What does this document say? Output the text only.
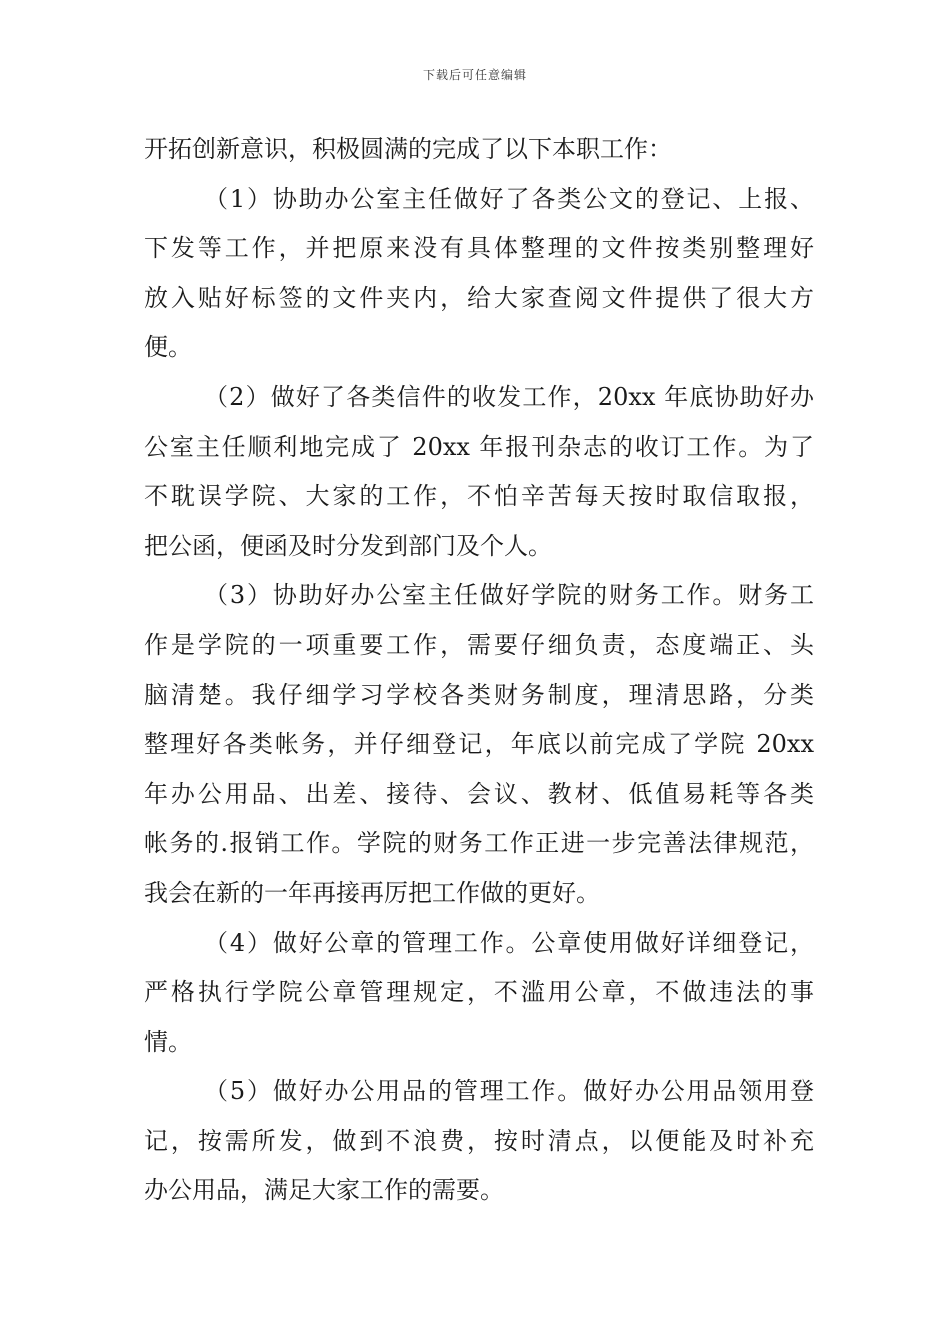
下载后可任意编辑

开拓创新意识，积极圆满的完成了以下本职工作：

（1）协助办公室主任做好了各类公文的登记、上报、
下发等工作，并把原来没有具体整理的文件按类别整理好
放入贴好标签的文件夹内，给大家查阅文件提供了很大方
便。

（2）做好了各类信件的收发工作，20xx 年底协助好办
公室主任顺利地完成了 20xx 年报刊杂志的收订工作。为了
不耽误学院、大家的工作，不怕辛苦每天按时取信取报，
把公函，便函及时分发到部门及个人。

（3）协助好办公室主任做好学院的财务工作。财务工
作是学院的一项重要工作，需要仔细负责，态度端正、头
脑清楚。我仔细学习学校各类财务制度，理清思路，分类
整理好各类帐务，并仔细登记，年底以前完成了学院 20xx
年办公用品、出差、接待、会议、教材、低值易耗等各类
帐务的.报销工作。学院的财务工作正进一步完善法律规范，
我会在新的一年再接再厉把工作做的更好。

（4）做好公章的管理工作。公章使用做好详细登记，
严格执行学院公章管理规定，不滥用公章，不做违法的事
情。

（5）做好办公用品的管理工作。做好办公用品领用登
记，按需所发，做到不浪费，按时清点，以便能及时补充
办公用品，满足大家工作的需要。
